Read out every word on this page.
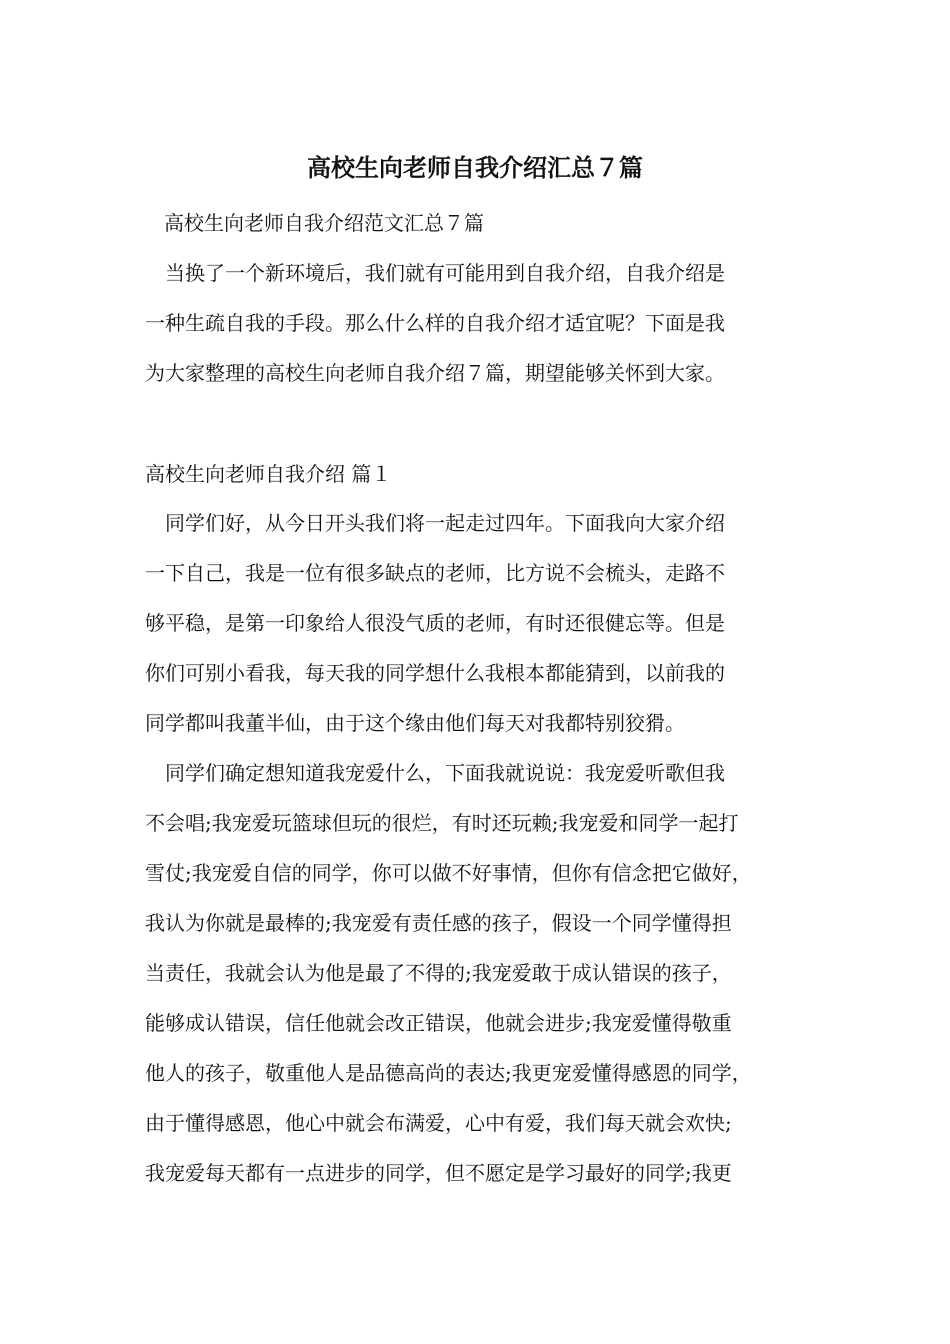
高校生向老师自我介绍汇总７篇
高校生向老师自我介绍范文汇总７篇
　当换了一个新环境后，我们就有可能用到自我介绍，自我介绍是
一种生疏自我的手段。那么什么样的自我介绍才适宜呢？下面是我
为大家整理的高校生向老师自我介绍７篇，期望能够关怀到大家。
高校生向老师自我介绍 篇１
同学们好，从今日开头我们将一起走过四年。下面我向大家介绍
一下自己，我是一位有很多缺点的老师，比方说不会梳头，走路不
够平稳，是第一印象给人很没气质的老师，有时还很健忘等。但是
你们可别小看我，每天我的同学想什么我根本都能猜到，以前我的
同学都叫我董半仙，由于这个缘由他们每天对我都特别狡猾。
同学们确定想知道我宠爱什么，下面我就说说：我宠爱听歌但我
不会唱;我宠爱玩篮球但玩的很烂，有时还玩赖;我宠爱和同学一起打
雪仗;我宠爱自信的同学，你可以做不好事情，但你有信念把它做好，
我认为你就是最棒的;我宠爱有责任感的孩子，假设一个同学懂得担
当责任，我就会认为他是最了不得的;我宠爱敢于成认错误的孩子，
能够成认错误，信任他就会改正错误，他就会进步;我宠爱懂得敬重
他人的孩子，敬重他人是品德高尚的表达;我更宠爱懂得感恩的同学，
由于懂得感恩，他心中就会布满爱，心中有爱，我们每天就会欢快;
我宠爱每天都有一点进步的同学，但不愿定是学习最好的同学;我更
